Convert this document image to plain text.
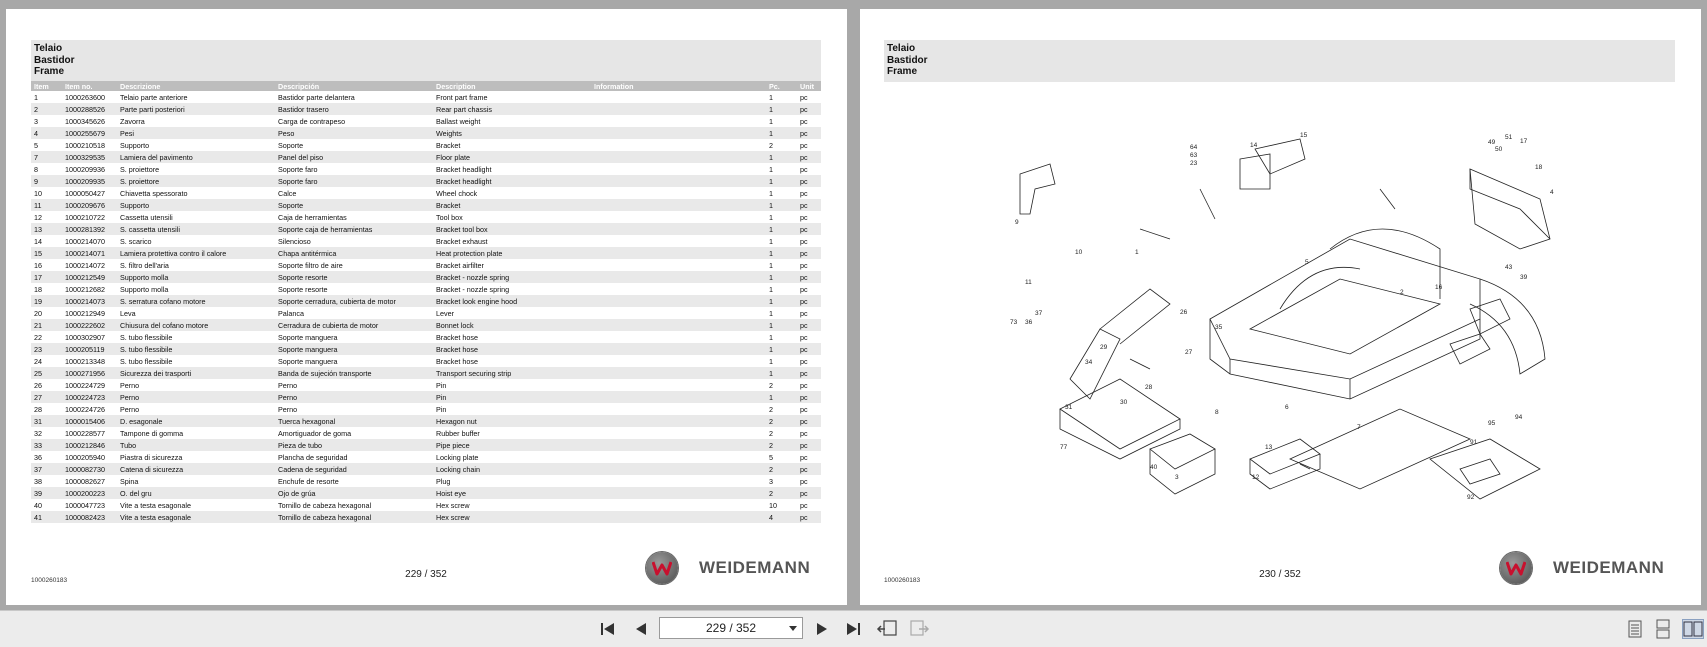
Telaio
Bastidor
Frame
Item	Item no.	Descrizione	Descripción	Description	Information	Pc.	Unit
1	1000263600	Telaio parte anteriore	Bastidor parte delantera	Front part frame		1	pc
2	1000288526	Parte parti posteriori	Bastidor trasero	Rear part chassis		1	pc
3	1000345626	Zavorra	Carga de contrapeso	Ballast weight		1	pc
4	1000255679	Pesi	Peso	Weights		1	pc
5	1000210518	Supporto	Soporte	Bracket		2	pc
7	1000329535	Lamiera del pavimento	Panel del piso	Floor plate		1	pc
8	1000209936	S. proiettore	Soporte faro	Bracket headlight		1	pc
9	1000209935	S. proiettore	Soporte faro	Bracket headlight		1	pc
10	1000050427	Chiavetta spessorato	Calce	Wheel chock		1	pc
11	1000209676	Supporto	Soporte	Bracket		1	pc
12	1000210722	Cassetta utensili	Caja de herramientas	Tool box		1	pc
13	1000281392	S. cassetta utensili	Soporte caja de herramientas	Bracket tool box		1	pc
14	1000214070	S. scarico	Silencioso	Bracket exhaust		1	pc
15	1000214071	Lamiera protettiva contro il calore	Chapa antitérmica	Heat protection plate		1	pc
16	1000214072	S. filtro dell'aria	Soporte filtro de aire	Bracket airfilter		1	pc
17	1000212549	Supporto molla	Soporte resorte	Bracket - nozzle spring		1	pc
18	1000212682	Supporto molla	Soporte resorte	Bracket - nozzle spring		1	pc
19	1000214073	S. serratura cofano motore	Soporte cerradura, cubierta de motor	Bracket look engine hood		1	pc
20	1000212949	Leva	Palanca	Lever		1	pc
21	1000222602	Chiusura del cofano motore	Cerradura de cubierta de motor	Bonnet lock		1	pc
22	1000302907	S. tubo flessibile	Soporte manguera	Bracket hose		1	pc
23	1000205119	S. tubo flessibile	Soporte manguera	Bracket hose		1	pc
24	1000213348	S. tubo flessibile	Soporte manguera	Bracket hose		1	pc
25	1000271956	Sicurezza dei trasporti	Banda de sujeción transporte	Transport securing strip		1	pc
26	1000224729	Perno	Perno	Pin		2	pc
27	1000224723	Perno	Perno	Pin		1	pc
28	1000224726	Perno	Perno	Pin		2	pc
31	1000015406	D. esagonale	Tuerca hexagonal	Hexagon nut		2	pc
32	1000228577	Tampone di gomma	Amortiguador de goma	Rubber buffer		2	pc
33	1000212846	Tubo	Pieza de tubo	Pipe piece		2	pc
36	1000205940	Piastra di sicurezza	Plancha de seguridad	Locking plate		5	pc
37	1000082730	Catena di sicurezza	Cadena de seguridad	Locking chain		2	pc
38	1000082627	Spina	Enchufe de resorte	Plug		3	pc
39	1000200223	O. del gru	Ojo de grúa	Hoist eye		2	pc
40	1000047723	Vite a testa esagonale	Tornillo de cabeza hexagonal	Hex screw		10	pc
41	1000082423	Vite a testa esagonale	Tornillo de cabeza hexagonal	Hex screw		4	pc
1000260183
229 / 352	WEIDEMANN
Telaio
Bastidor
Frame
15
14
64
63
23
51
17
49
50
18
4
2
1
7
8
13
12
92
94
95
91
36
37
10
11
29
34
30
35
26
27
28
73
6
5
9
16
43
39
77
31
3
40
1000260183
230 / 352	WEIDEMANN
229 / 352
